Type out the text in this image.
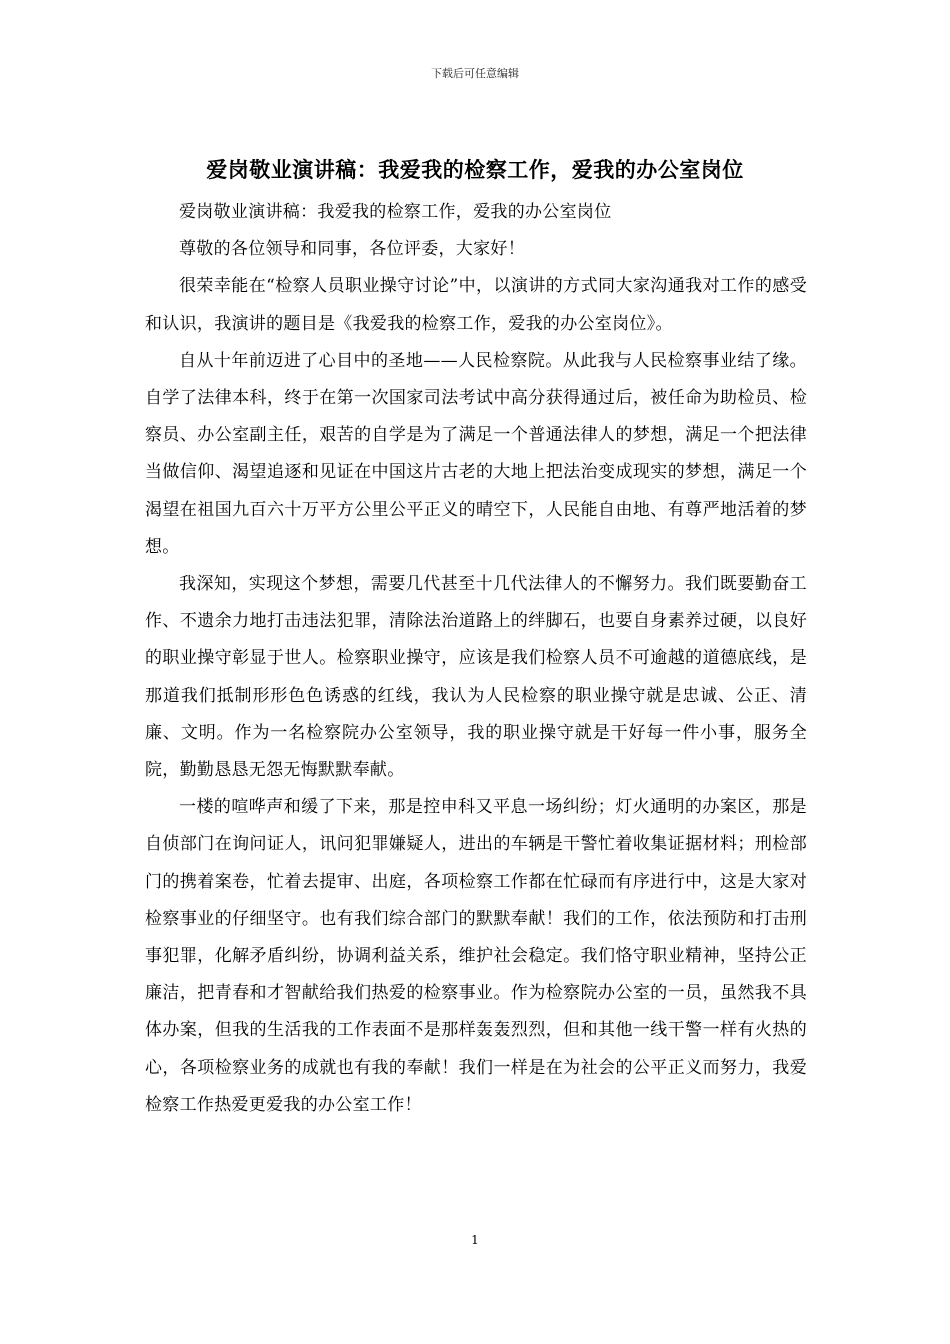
下载后可任意编辑
爱岗敬业演讲稿：我爱我的检察工作，爱我的办公室岗位

爱岗敬业演讲稿：我爱我的检察工作，爱我的办公室岗位

尊敬的各位领导和同事，各位评委，大家好！

很荣幸能在“检察人员职业操守讨论”中，以演讲的方式同大家沟通我对工作的感受和认识，我演讲的题目是《我爱我的检察工作，爱我的办公室岗位》。

自从十年前迈进了心目中的圣地——人民检察院。从此我与人民检察事业结了缘。自学了法律本科，终于在第一次国家司法考试中高分获得通过后，被任命为助检员、检察员、办公室副主任，艰苦的自学是为了满足一个普通法律人的梦想，满足一个把法律当做信仰、渴望追逐和见证在中国这片古老的大地上把法治变成现实的梦想，满足一个渴望在祖国九百六十万平方公里公平正义的晴空下，人民能自由地、有尊严地活着的梦想。

我深知，实现这个梦想，需要几代甚至十几代法律人的不懈努力。我们既要勤奋工作、不遗余力地打击违法犯罪，清除法治道路上的绊脚石，也要自身素养过硬，以良好的职业操守彰显于世人。检察职业操守，应该是我们检察人员不可逾越的道德底线，是那道我们抵制形形色色诱惑的红线，我认为人民检察的职业操守就是忠诚、公正、清廉、文明。作为一名检察院办公室领导，我的职业操守就是干好每一件小事，服务全院，勤勤恳恳无怨无悔默默奉献。

一楼的喧哗声和缓了下来，那是控申科又平息一场纠纷；灯火通明的办案区，那是自侦部门在询问证人，讯问犯罪嫌疑人，进出的车辆是干警忙着收集证据材料；刑检部门的携着案卷，忙着去提审、出庭，各项检察工作都在忙碌而有序进行中，这是大家对检察事业的仔细坚守。也有我们综合部门的默默奉献！我们的工作，依法预防和打击刑事犯罪，化解矛盾纠纷，协调利益关系，维护社会稳定。我们恪守职业精神，坚持公正廉洁，把青春和才智献给我们热爱的检察事业。作为检察院办公室的一员，虽然我不具体办案，但我的生活我的工作表面不是那样轰轰烈烈，但和其他一线干警一样有火热的心，各项检察业务的成就也有我的奉献！我们一样是在为社会的公平正义而努力，我爱检察工作热爱更爱我的办公室工作！

1
